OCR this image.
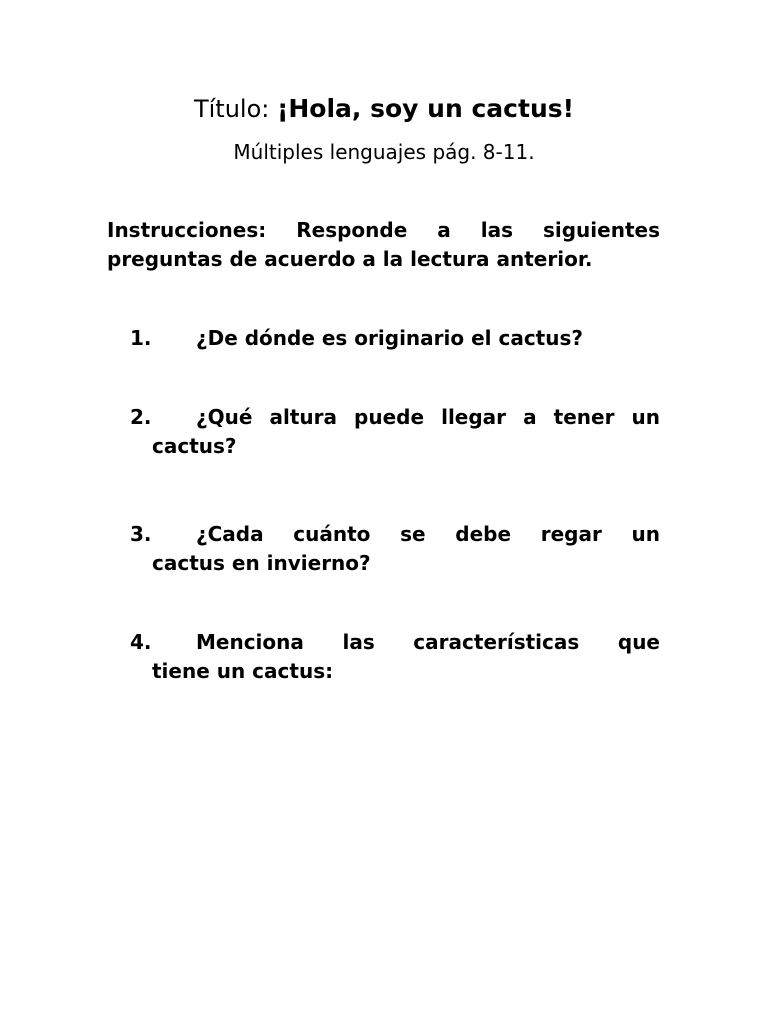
Título: ¡Hola, soy un cactus!
Múltiples lenguajes pág. 8-11.
Instrucciones: Responde a las siguientes
preguntas de acuerdo a la lectura anterior.
1.	¿De dónde es originario el cactus?
2.	¿Qué altura puede llegar a tener un
cactus?
3.	¿Cada cuánto se debe regar un
cactus en invierno?
4.	Menciona las características que
tiene un cactus:
